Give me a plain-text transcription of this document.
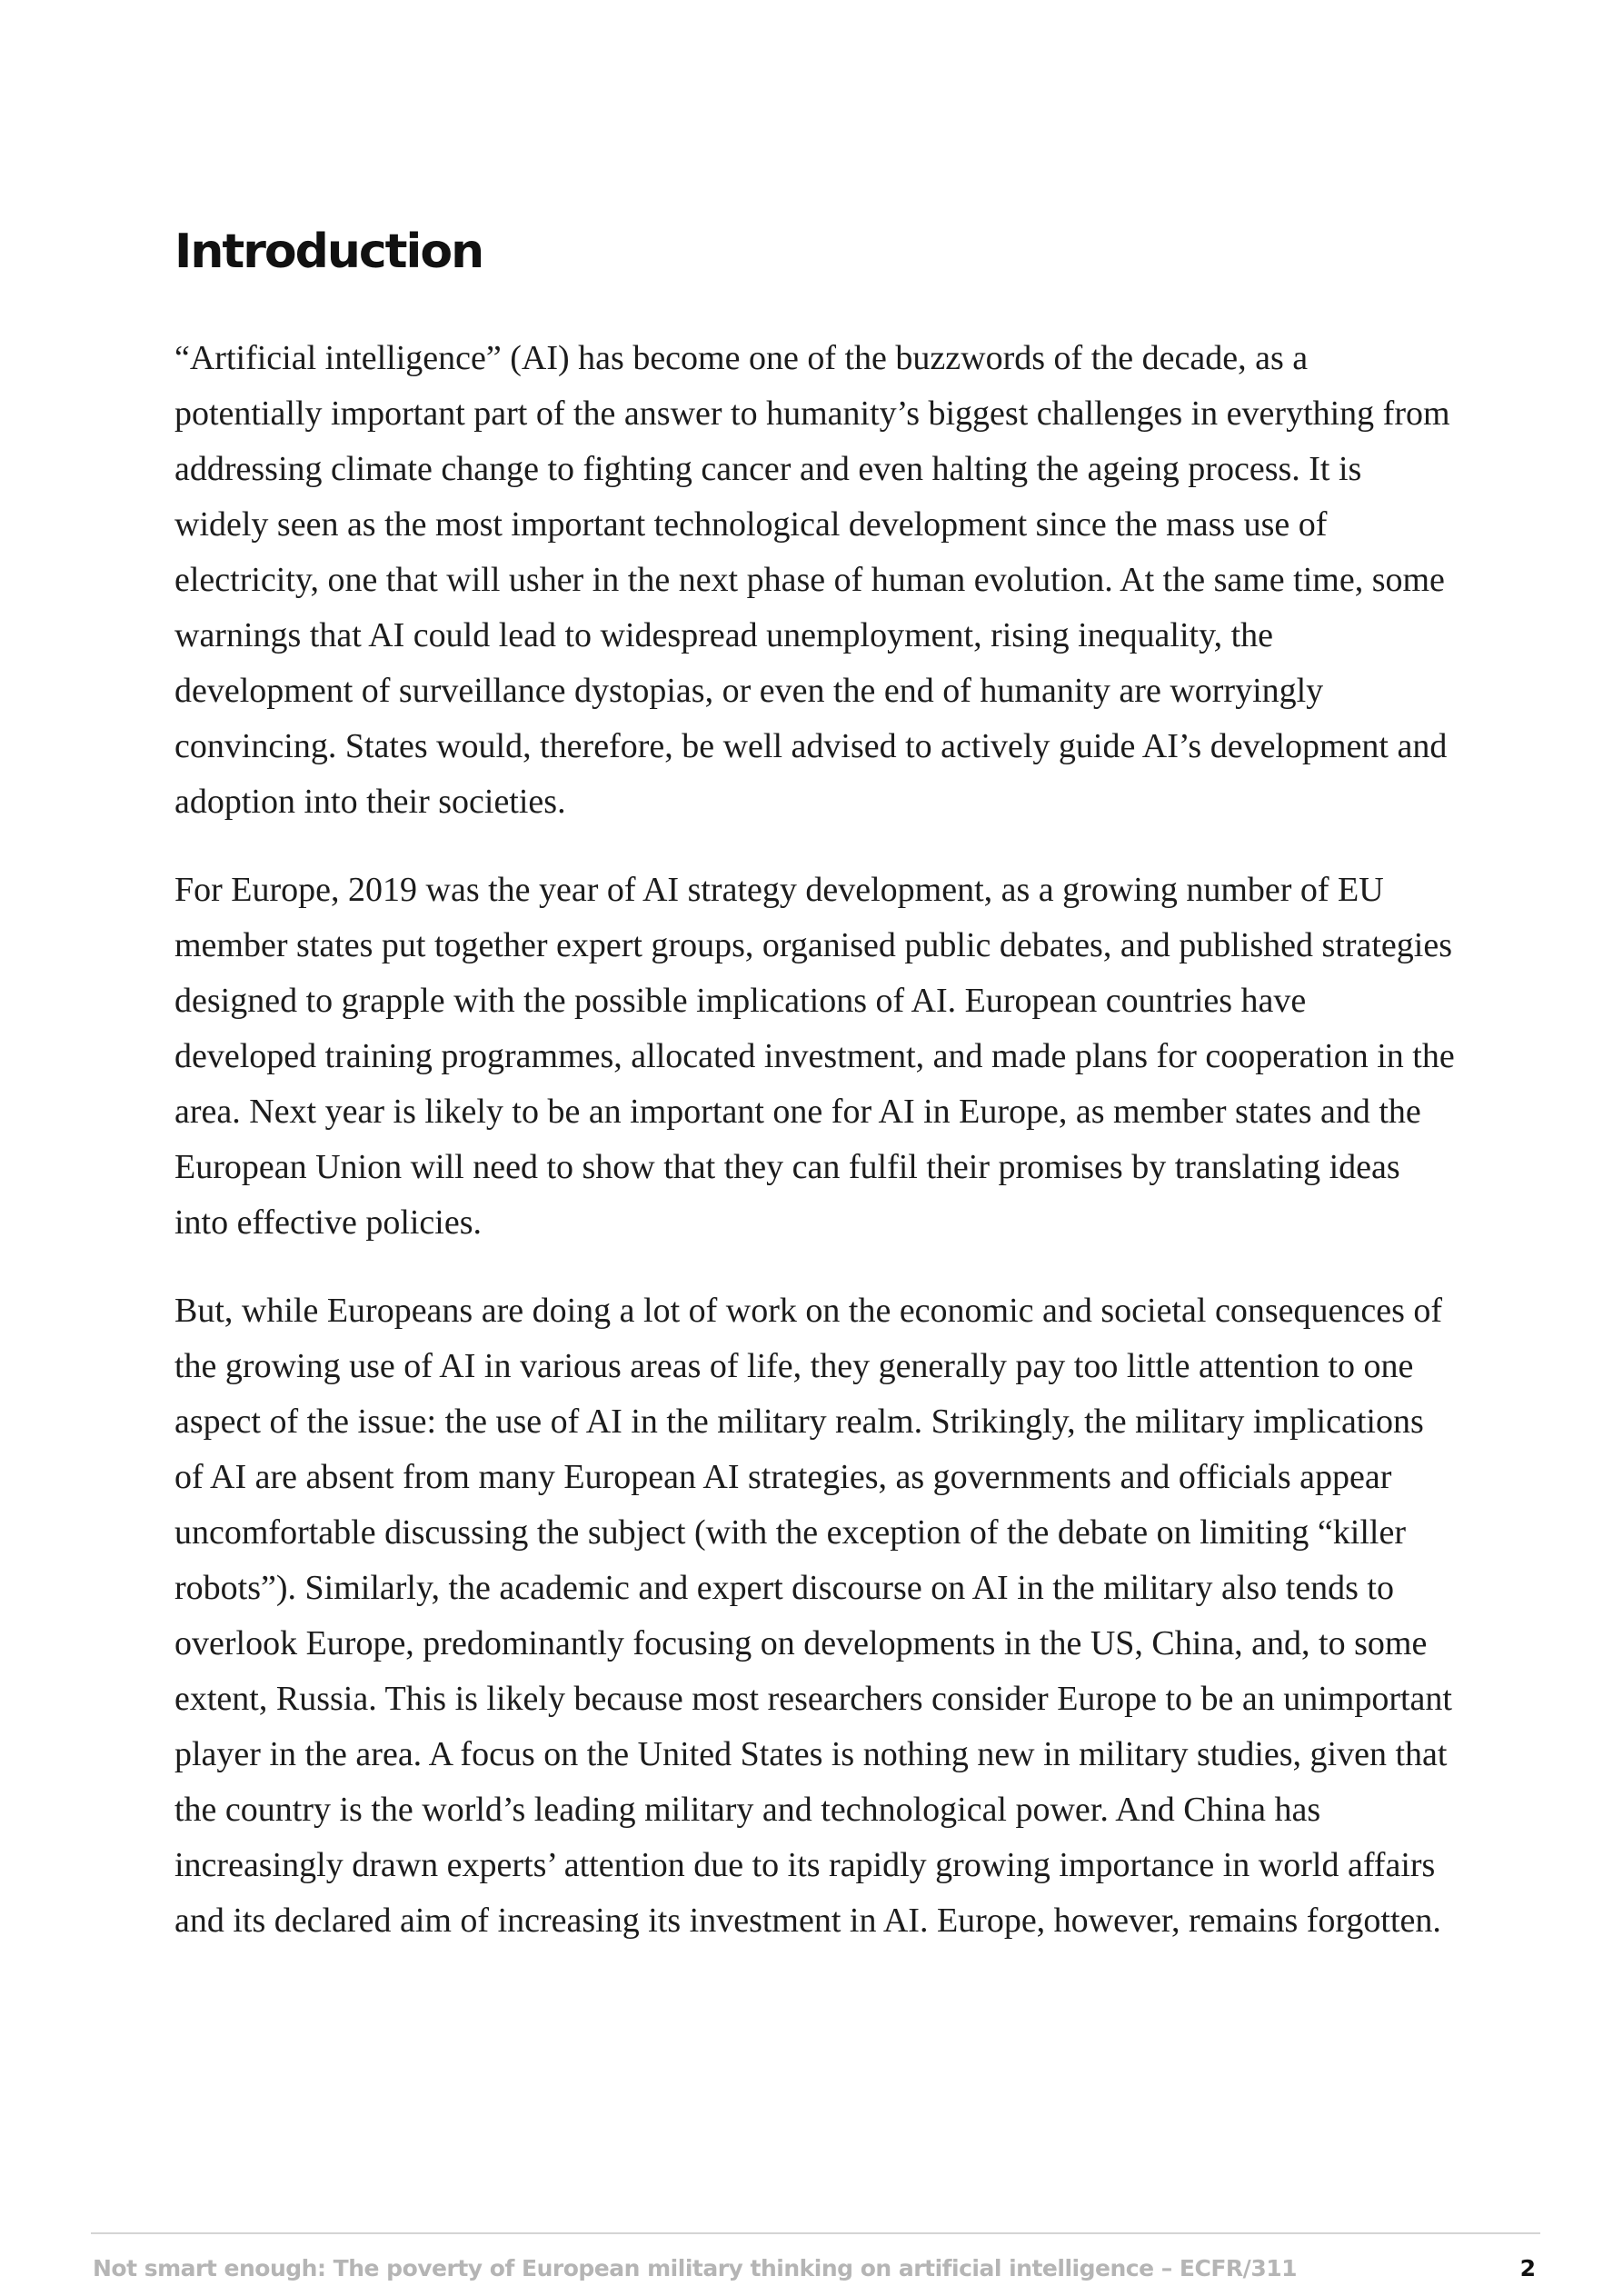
Introduction

“Artificial intelligence” (AI) has become one of the buzzwords of the decade, as a potentially important part of the answer to humanity’s biggest challenges in everything from addressing climate change to fighting cancer and even halting the ageing process. It is widely seen as the most important technological development since the mass use of electricity, one that will usher in the next phase of human evolution. At the same time, some warnings that AI could lead to widespread unemployment, rising inequality, the development of surveillance dystopias, or even the end of humanity are worryingly convincing. States would, therefore, be well advised to actively guide AI’s development and adoption into their societies.

For Europe, 2019 was the year of AI strategy development, as a growing number of EU member states put together expert groups, organised public debates, and published strategies designed to grapple with the possible implications of AI. European countries have developed training programmes, allocated investment, and made plans for cooperation in the area. Next year is likely to be an important one for AI in Europe, as member states and the European Union will need to show that they can fulfil their promises by translating ideas into effective policies.

But, while Europeans are doing a lot of work on the economic and societal consequences of the growing use of AI in various areas of life, they generally pay too little attention to one aspect of the issue: the use of AI in the military realm. Strikingly, the military implications of AI are absent from many European AI strategies, as governments and officials appear uncomfortable discussing the subject (with the exception of the debate on limiting “killer robots”). Similarly, the academic and expert discourse on AI in the military also tends to overlook Europe, predominantly focusing on developments in the US, China, and, to some extent, Russia. This is likely because most researchers consider Europe to be an unimportant player in the area. A focus on the United States is nothing new in military studies, given that the country is the world’s leading military and technological power. And China has increasingly drawn experts’ attention due to its rapidly growing importance in world affairs and its declared aim of increasing its investment in AI. Europe, however, remains forgotten.

Not smart enough: The poverty of European military thinking on artificial intelligence – ECFR/311	2
